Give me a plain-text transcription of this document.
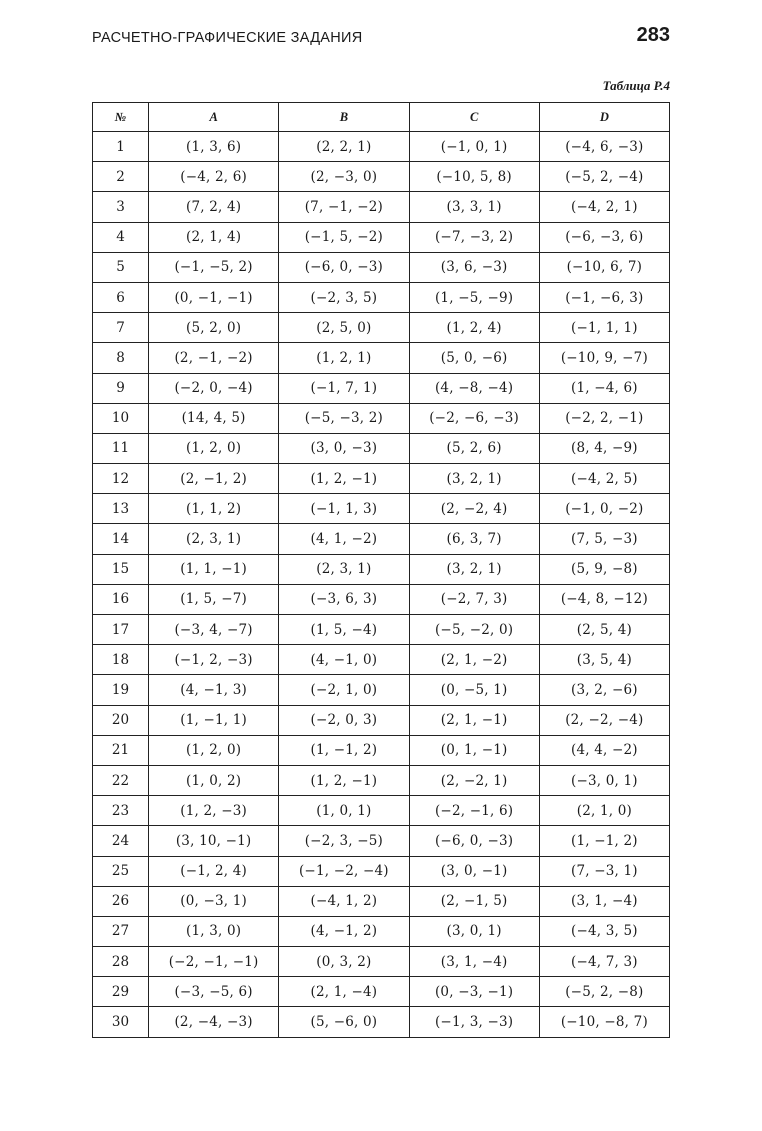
РАСЧЕТНО-ГРАФИЧЕСКИЕ ЗАДАНИЯ	283
Таблица Р.4
№	A	B	C	D
1	(1, 3, 6)	(2, 2, 1)	(−1, 0, 1)	(−4, 6, −3)
2	(−4, 2, 6)	(2, −3, 0)	(−10, 5, 8)	(−5, 2, −4)
3	(7, 2, 4)	(7, −1, −2)	(3, 3, 1)	(−4, 2, 1)
4	(2, 1, 4)	(−1, 5, −2)	(−7, −3, 2)	(−6, −3, 6)
5	(−1, −5, 2)	(−6, 0, −3)	(3, 6, −3)	(−10, 6, 7)
6	(0, −1, −1)	(−2, 3, 5)	(1, −5, −9)	(−1, −6, 3)
7	(5, 2, 0)	(2, 5, 0)	(1, 2, 4)	(−1, 1, 1)
8	(2, −1, −2)	(1, 2, 1)	(5, 0, −6)	(−10, 9, −7)
9	(−2, 0, −4)	(−1, 7, 1)	(4, −8, −4)	(1, −4, 6)
10	(14, 4, 5)	(−5, −3, 2)	(−2, −6, −3)	(−2, 2, −1)
11	(1, 2, 0)	(3, 0, −3)	(5, 2, 6)	(8, 4, −9)
12	(2, −1, 2)	(1, 2, −1)	(3, 2, 1)	(−4, 2, 5)
13	(1, 1, 2)	(−1, 1, 3)	(2, −2, 4)	(−1, 0, −2)
14	(2, 3, 1)	(4, 1, −2)	(6, 3, 7)	(7, 5, −3)
15	(1, 1, −1)	(2, 3, 1)	(3, 2, 1)	(5, 9, −8)
16	(1, 5, −7)	(−3, 6, 3)	(−2, 7, 3)	(−4, 8, −12)
17	(−3, 4, −7)	(1, 5, −4)	(−5, −2, 0)	(2, 5, 4)
18	(−1, 2, −3)	(4, −1, 0)	(2, 1, −2)	(3, 5, 4)
19	(4, −1, 3)	(−2, 1, 0)	(0, −5, 1)	(3, 2, −6)
20	(1, −1, 1)	(−2, 0, 3)	(2, 1, −1)	(2, −2, −4)
21	(1, 2, 0)	(1, −1, 2)	(0, 1, −1)	(4, 4, −2)
22	(1, 0, 2)	(1, 2, −1)	(2, −2, 1)	(−3, 0, 1)
23	(1, 2, −3)	(1, 0, 1)	(−2, −1, 6)	(2, 1, 0)
24	(3, 10, −1)	(−2, 3, −5)	(−6, 0, −3)	(1, −1, 2)
25	(−1, 2, 4)	(−1, −2, −4)	(3, 0, −1)	(7, −3, 1)
26	(0, −3, 1)	(−4, 1, 2)	(2, −1, 5)	(3, 1, −4)
27	(1, 3, 0)	(4, −1, 2)	(3, 0, 1)	(−4, 3, 5)
28	(−2, −1, −1)	(0, 3, 2)	(3, 1, −4)	(−4, 7, 3)
29	(−3, −5, 6)	(2, 1, −4)	(0, −3, −1)	(−5, 2, −8)
30	(2, −4, −3)	(5, −6, 0)	(−1, 3, −3)	(−10, −8, 7)
